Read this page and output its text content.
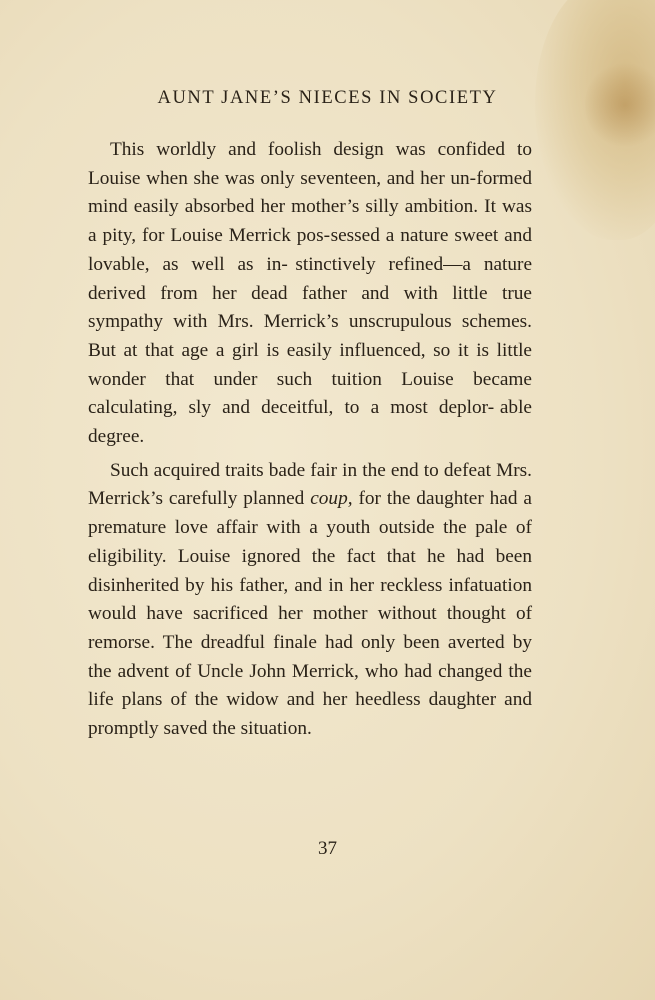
AUNT JANE’S NIECES IN SOCIETY

This worldly and foolish design was confided to Louise when she was only seventeen, and her un- formed mind easily absorbed her mother’s silly ambition. It was a pity, for Louise Merrick pos- sessed a nature sweet and lovable, as well as in- stinctively refined—a nature derived from her dead father and with little true sympathy with Mrs. Merrick’s unscrupulous schemes. But at that age a girl is easily influenced, so it is little wonder that under such tuition Louise became calculating, sly and deceitful, to a most deplor- able degree.

Such acquired traits bade fair in the end to defeat Mrs. Merrick’s carefully planned coup, for the daughter had a premature love affair with a youth outside the pale of eligibility. Louise ignored the fact that he had been disinherited by his father, and in her reckless infatuation would have sacrificed her mother without thought of remorse. The dreadful finale had only been averted by the advent of Uncle John Merrick, who had changed the life plans of the widow and her heedless daughter and promptly saved the situation.

37
